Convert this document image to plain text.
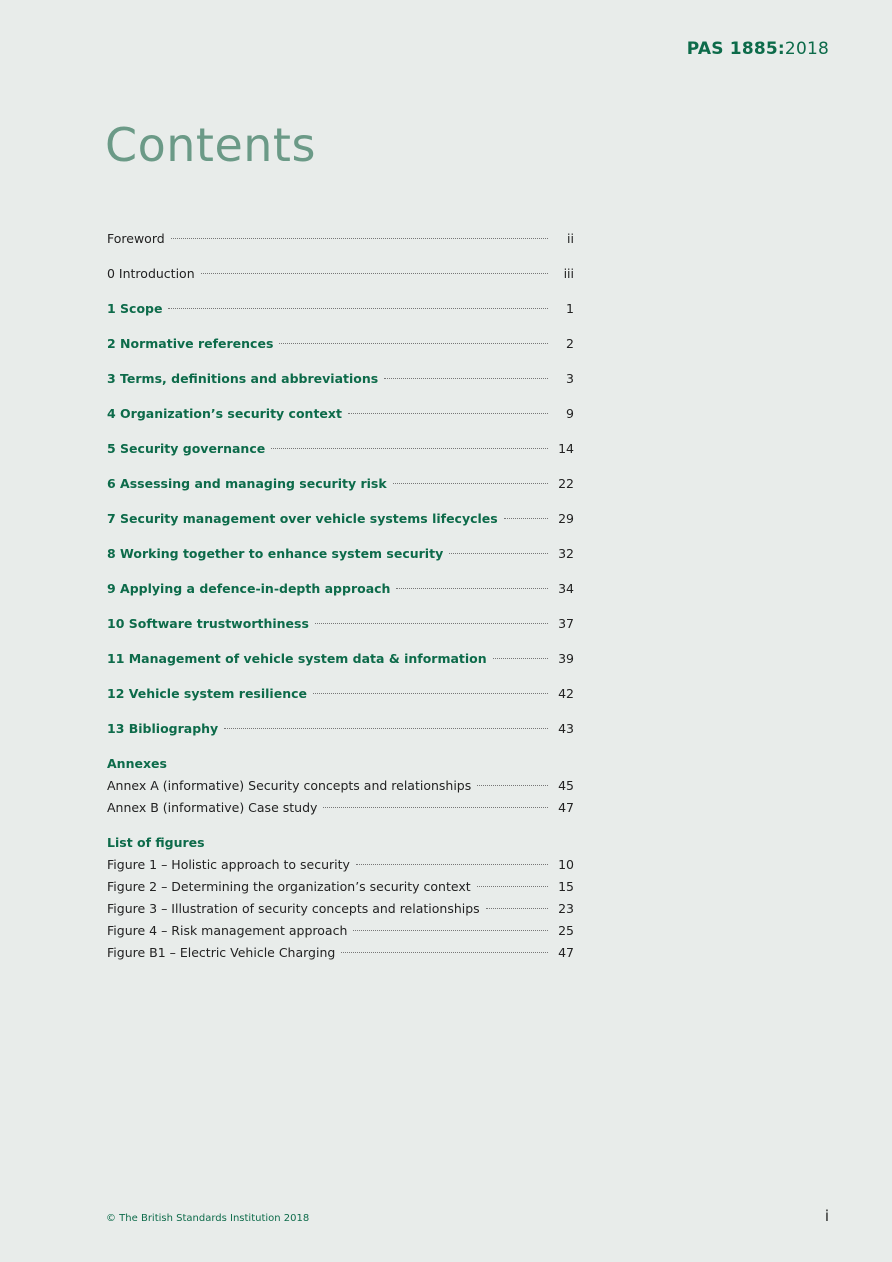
PAS 1885:2018
Contents
Foreword	ii
0 Introduction	iii
1 Scope	1
2 Normative references	2
3 Terms, definitions and abbreviations	3
4 Organization’s security context	9
5 Security governance	14
6 Assessing and managing security risk	22
7 Security management over vehicle systems lifecycles	29
8 Working together to enhance system security	32
9 Applying a defence-in-depth approach	34
10 Software trustworthiness	37
11 Management of vehicle system data & information	39
12 Vehicle system resilience	42
13 Bibliography	43
Annexes
Annex A (informative) Security concepts and relationships	45
Annex B (informative) Case study	47
List of figures
Figure 1 – Holistic approach to security	10
Figure 2 – Determining the organization’s security context	15
Figure 3 – Illustration of security concepts and relationships	23
Figure 4 – Risk management approach	25
Figure B1 – Electric Vehicle Charging	47
© The British Standards Institution 2018	i
